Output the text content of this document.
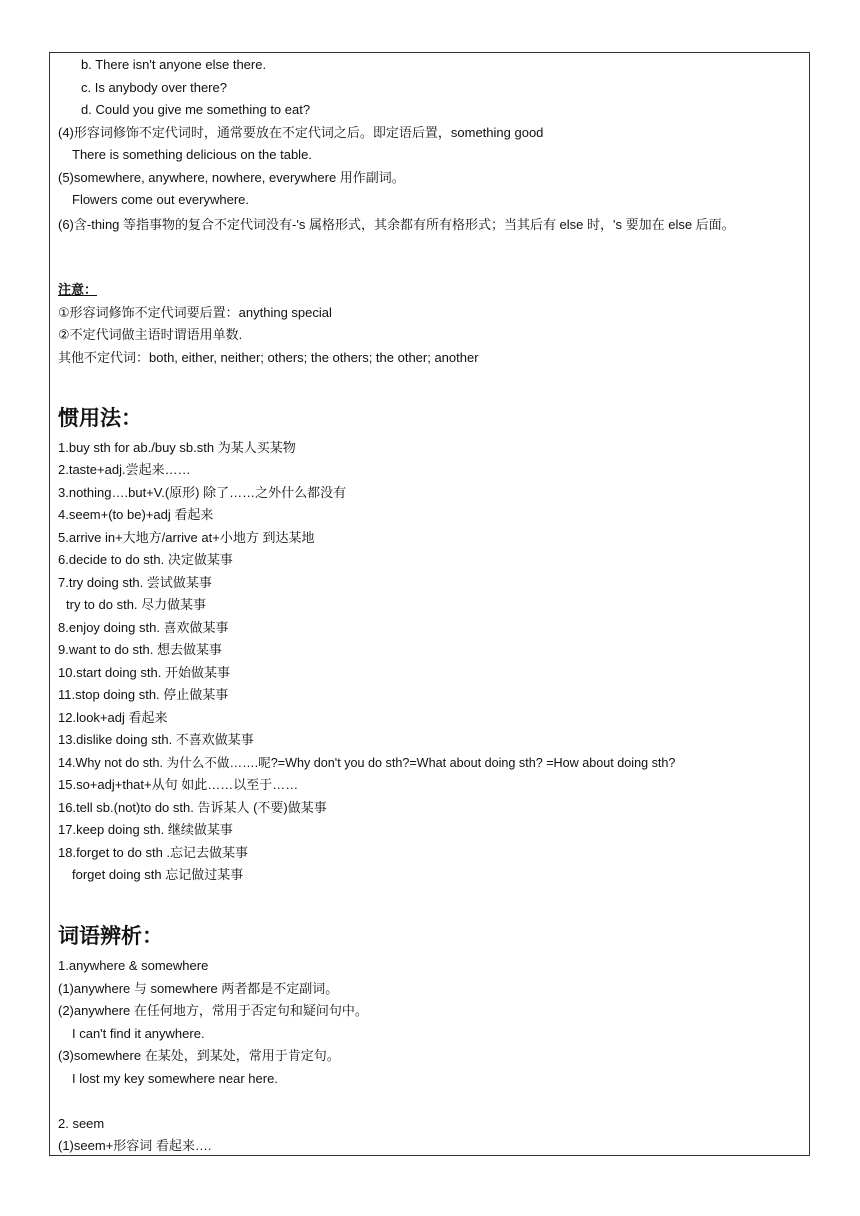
b. There isn't anyone else there.
c. Is anybody over there?
d. Could you give me something to eat?
(4)形容词修饰不定代词时，通常要放在不定代词之后。即定语后置，something good
There is something delicious on the table.
(5)somewhere, anywhere, nowhere, everywhere 用作副词。
Flowers come out everywhere.
(6)含-thing 等指事物的复合不定代词没有-'s 属格形式，其余都有所有格形式；当其后有 else 时，'s 要加在 else 后面。
注意：
①形容词修饰不定代词要后置：anything special
②不定代词做主语时谓语用单数.
其他不定代词：both, either, neither; others; the others; the other; another
惯用法：
1.buy sth for ab./buy sb.sth 为某人买某物
2.taste+adj.尝起来……
3.nothing….but+V.(原形) 除了……之外什么都没有
4.seem+(to be)+adj 看起来
5.arrive in+大地方/arrive at+小地方 到达某地
6.decide to do sth. 决定做某事
7.try doing sth. 尝试做某事
try to do sth. 尽力做某事
8.enjoy doing sth. 喜欢做某事
9.want to do sth. 想去做某事
10.start doing sth. 开始做某事
11.stop doing sth. 停止做某事
12.look+adj 看起来
13.dislike doing sth. 不喜欢做某事
14.Why not do sth. 为什么不做…….呢?=Why don't you do sth?=What about doing sth? =How about doing sth?
15.so+adj+that+从句 如此……以至于……
16.tell sb.(not)to do sth. 告诉某人 (不要)做某事
17.keep doing sth. 继续做某事
18.forget to do sth .忘记去做某事
forget doing sth 忘记做过某事
词语辨析：
1.anywhere & somewhere
(1)anywhere 与 somewhere 两者都是不定副词。
(2)anywhere 在任何地方，常用于否定句和疑问句中。
I can't find it anywhere.
(3)somewhere 在某处，到某处，常用于肯定句。
I lost my key somewhere near here.
2. seem
(1)seem+形容词 看起来….
